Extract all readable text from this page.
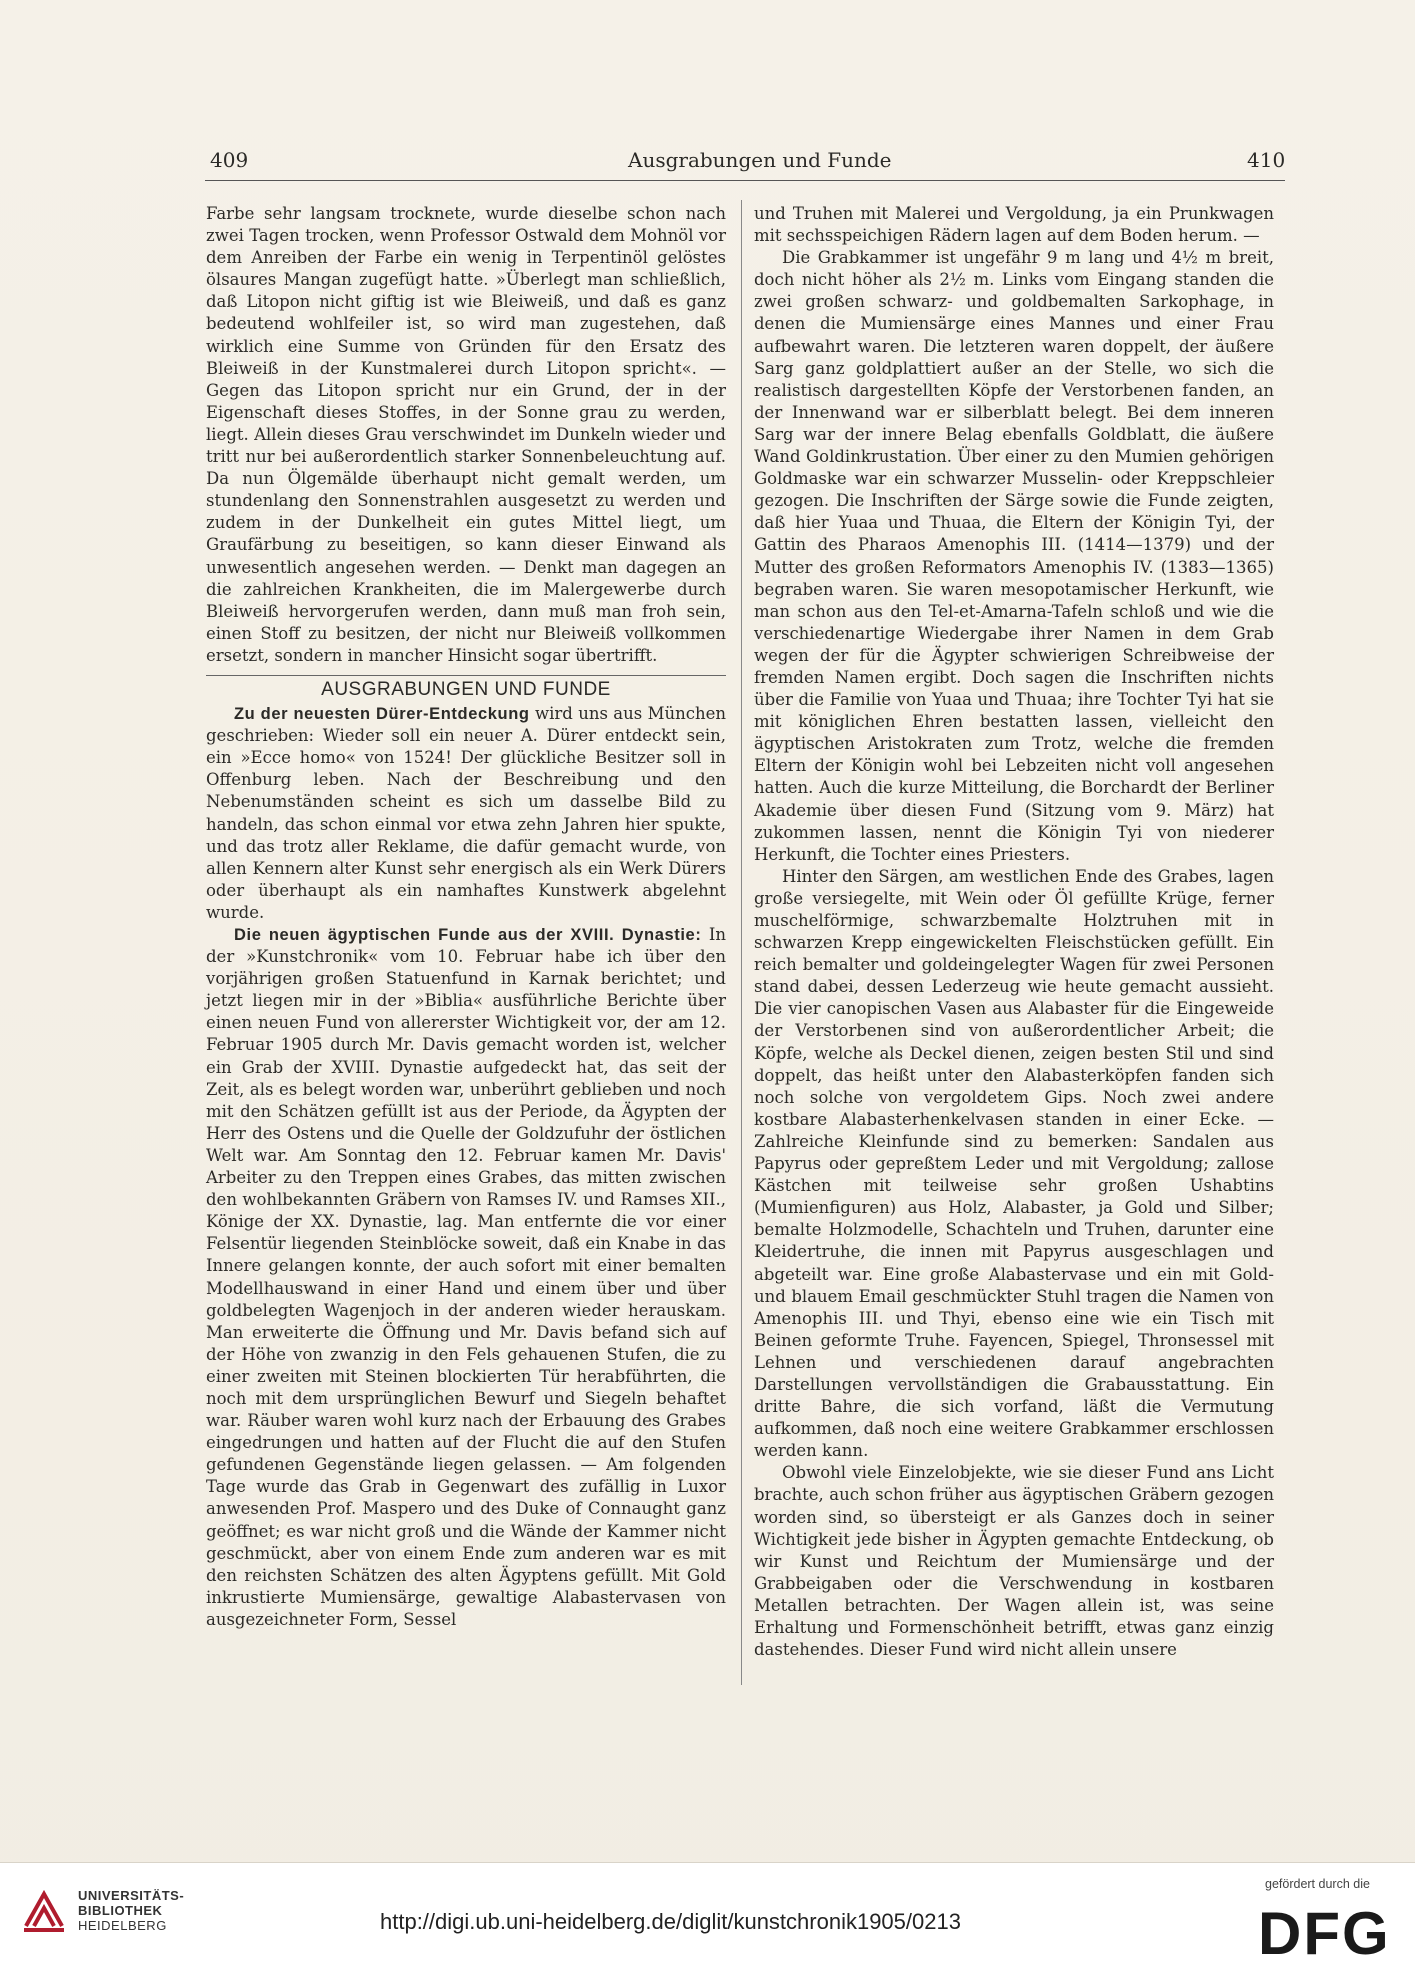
409	Ausgrabungen und Funde	410

Farbe sehr langsam trocknete, wurde dieselbe schon nach zwei Tagen trocken, wenn Professor Ostwald dem Mohnöl vor dem Anreiben der Farbe ein wenig in Terpentinöl gelöstes ölsaures Mangan zugefügt hatte. »Überlegt man schließlich, daß Litopon nicht giftig ist wie Bleiweiß, und daß es ganz bedeutend wohlfeiler ist, so wird man zugestehen, daß wirklich eine Summe von Gründen für den Ersatz des Bleiweiß in der Kunstmalerei durch Litopon spricht«. — Gegen das Litopon spricht nur ein Grund, der in der Eigenschaft dieses Stoffes, in der Sonne grau zu werden, liegt. Allein dieses Grau verschwindet im Dunkeln wieder und tritt nur bei außerordentlich starker Sonnenbeleuchtung auf. Da nun Ölgemälde überhaupt nicht gemalt werden, um stundenlang den Sonnenstrahlen ausgesetzt zu werden und zudem in der Dunkelheit ein gutes Mittel liegt, um Graufärbung zu beseitigen, so kann dieser Einwand als unwesentlich angesehen werden. — Denkt man dagegen an die zahlreichen Krankheiten, die im Malergewerbe durch Bleiweiß hervorgerufen werden, dann muß man froh sein, einen Stoff zu besitzen, der nicht nur Bleiweiß vollkommen ersetzt, sondern in mancher Hinsicht sogar übertrifft.

AUSGRABUNGEN UND FUNDE

Zu der neuesten Dürer-Entdeckung wird uns aus München geschrieben: Wieder soll ein neuer A. Dürer entdeckt sein, ein »Ecce homo« von 1524! Der glückliche Besitzer soll in Offenburg leben. Nach der Beschreibung und den Nebenumständen scheint es sich um dasselbe Bild zu handeln, das schon einmal vor etwa zehn Jahren hier spukte, und das trotz aller Reklame, die dafür gemacht wurde, von allen Kennern alter Kunst sehr energisch als ein Werk Dürers oder überhaupt als ein namhaftes Kunstwerk abgelehnt wurde.

Die neuen ägyptischen Funde aus der XVIII. Dynastie: In der »Kunstchronik« vom 10. Februar habe ich über den vorjährigen großen Statuenfund in Karnak berichtet; und jetzt liegen mir in der »Biblia« ausführliche Berichte über einen neuen Fund von allererster Wichtigkeit vor, der am 12. Februar 1905 durch Mr. Davis gemacht worden ist, welcher ein Grab der XVIII. Dynastie aufgedeckt hat, das seit der Zeit, als es belegt worden war, unberührt geblieben und noch mit den Schätzen gefüllt ist aus der Periode, da Ägypten der Herr des Ostens und die Quelle der Goldzufuhr der östlichen Welt war. Am Sonntag den 12. Februar kamen Mr. Davis' Arbeiter zu den Treppen eines Grabes, das mitten zwischen den wohlbekannten Gräbern von Ramses IV. und Ramses XII., Könige der XX. Dynastie, lag. Man entfernte die vor einer Felsentür liegenden Steinblöcke soweit, daß ein Knabe in das Innere gelangen konnte, der auch sofort mit einer bemalten Modellhauswand in einer Hand und einem über und über goldbelegten Wagenjoch in der anderen wieder herauskam. Man erweiterte die Öffnung und Mr. Davis befand sich auf der Höhe von zwanzig in den Fels gehauenen Stufen, die zu einer zweiten mit Steinen blockierten Tür herabführten, die noch mit dem ursprünglichen Bewurf und Siegeln behaftet war. Räuber waren wohl kurz nach der Erbauung des Grabes eingedrungen und hatten auf der Flucht die auf den Stufen gefundenen Gegenstände liegen gelassen. — Am folgenden Tage wurde das Grab in Gegenwart des zufällig in Luxor anwesenden Prof. Maspero und des Duke of Connaught ganz geöffnet; es war nicht groß und die Wände der Kammer nicht geschmückt, aber von einem Ende zum anderen war es mit den reichsten Schätzen des alten Ägyptens gefüllt. Mit Gold inkrustierte Mumiensärge, gewaltige Alabastervasen von ausgezeichneter Form, Sessel

und Truhen mit Malerei und Vergoldung, ja ein Prunkwagen mit sechsspeichigen Rädern lagen auf dem Boden herum. —

Die Grabkammer ist ungefähr 9 m lang und 4½ m breit, doch nicht höher als 2½ m. Links vom Eingang standen die zwei großen schwarz- und goldbemalten Sarkophage, in denen die Mumiensärge eines Mannes und einer Frau aufbewahrt waren. Die letzteren waren doppelt, der äußere Sarg ganz goldplattiert außer an der Stelle, wo sich die realistisch dargestellten Köpfe der Verstorbenen fanden, an der Innenwand war er silberblatt belegt. Bei dem inneren Sarg war der innere Belag ebenfalls Goldblatt, die äußere Wand Goldinkrustation. Über einer zu den Mumien gehörigen Goldmaske war ein schwarzer Musselin- oder Kreppschleier gezogen. Die Inschriften der Särge sowie die Funde zeigten, daß hier Yuaa und Thuaa, die Eltern der Königin Tyi, der Gattin des Pharaos Amenophis III. (1414—1379) und der Mutter des großen Reformators Amenophis IV. (1383—1365) begraben waren. Sie waren mesopotamischer Herkunft, wie man schon aus den Tel-et-Amarna-Tafeln schloß und wie die verschiedenartige Wiedergabe ihrer Namen in dem Grab wegen der für die Ägypter schwierigen Schreibweise der fremden Namen ergibt. Doch sagen die Inschriften nichts über die Familie von Yuaa und Thuaa; ihre Tochter Tyi hat sie mit königlichen Ehren bestatten lassen, vielleicht den ägyptischen Aristokraten zum Trotz, welche die fremden Eltern der Königin wohl bei Lebzeiten nicht voll angesehen hatten. Auch die kurze Mitteilung, die Borchardt der Berliner Akademie über diesen Fund (Sitzung vom 9. März) hat zukommen lassen, nennt die Königin Tyi von niederer Herkunft, die Tochter eines Priesters.

Hinter den Särgen, am westlichen Ende des Grabes, lagen große versiegelte, mit Wein oder Öl gefüllte Krüge, ferner muschelförmige, schwarzbemalte Holztruhen mit in schwarzen Krepp eingewickelten Fleischstücken gefüllt. Ein reich bemalter und goldeingelegter Wagen für zwei Personen stand dabei, dessen Lederzeug wie heute gemacht aussieht. Die vier canopischen Vasen aus Alabaster für die Eingeweide der Verstorbenen sind von außerordentlicher Arbeit; die Köpfe, welche als Deckel dienen, zeigen besten Stil und sind doppelt, das heißt unter den Alabasterköpfen fanden sich noch solche von vergoldetem Gips. Noch zwei andere kostbare Alabasterhenkelvasen standen in einer Ecke. — Zahlreiche Kleinfunde sind zu bemerken: Sandalen aus Papyrus oder gepreßtem Leder und mit Vergoldung; zallose Kästchen mit teilweise sehr großen Ushabtins (Mumienfiguren) aus Holz, Alabaster, ja Gold und Silber; bemalte Holzmodelle, Schachteln und Truhen, darunter eine Kleidertruhe, die innen mit Papyrus ausgeschlagen und abgeteilt war. Eine große Alabastervase und ein mit Gold- und blauem Email geschmückter Stuhl tragen die Namen von Amenophis III. und Thyi, ebenso eine wie ein Tisch mit Beinen geformte Truhe. Fayencen, Spiegel, Thronsessel mit Lehnen und verschiedenen darauf angebrachten Darstellungen vervollständigen die Grabausstattung. Ein dritte Bahre, die sich vorfand, läßt die Vermutung aufkommen, daß noch eine weitere Grabkammer erschlossen werden kann.

Obwohl viele Einzelobjekte, wie sie dieser Fund ans Licht brachte, auch schon früher aus ägyptischen Gräbern gezogen worden sind, so übersteigt er als Ganzes doch in seiner Wichtigkeit jede bisher in Ägypten gemachte Entdeckung, ob wir Kunst und Reichtum der Mumiensärge und der Grabbeigaben oder die Verschwendung in kostbaren Metallen betrachten. Der Wagen allein ist, was seine Erhaltung und Formenschönheit betrifft, etwas ganz einzig dastehendes. Dieser Fund wird nicht allein unsere

UNIVERSITÄTS-
BIBLIOTHEK
HEIDELBERG	http://digi.ub.uni-heidelberg.de/diglit/kunstchronik1905/0213
gefördert durch die
DFG
